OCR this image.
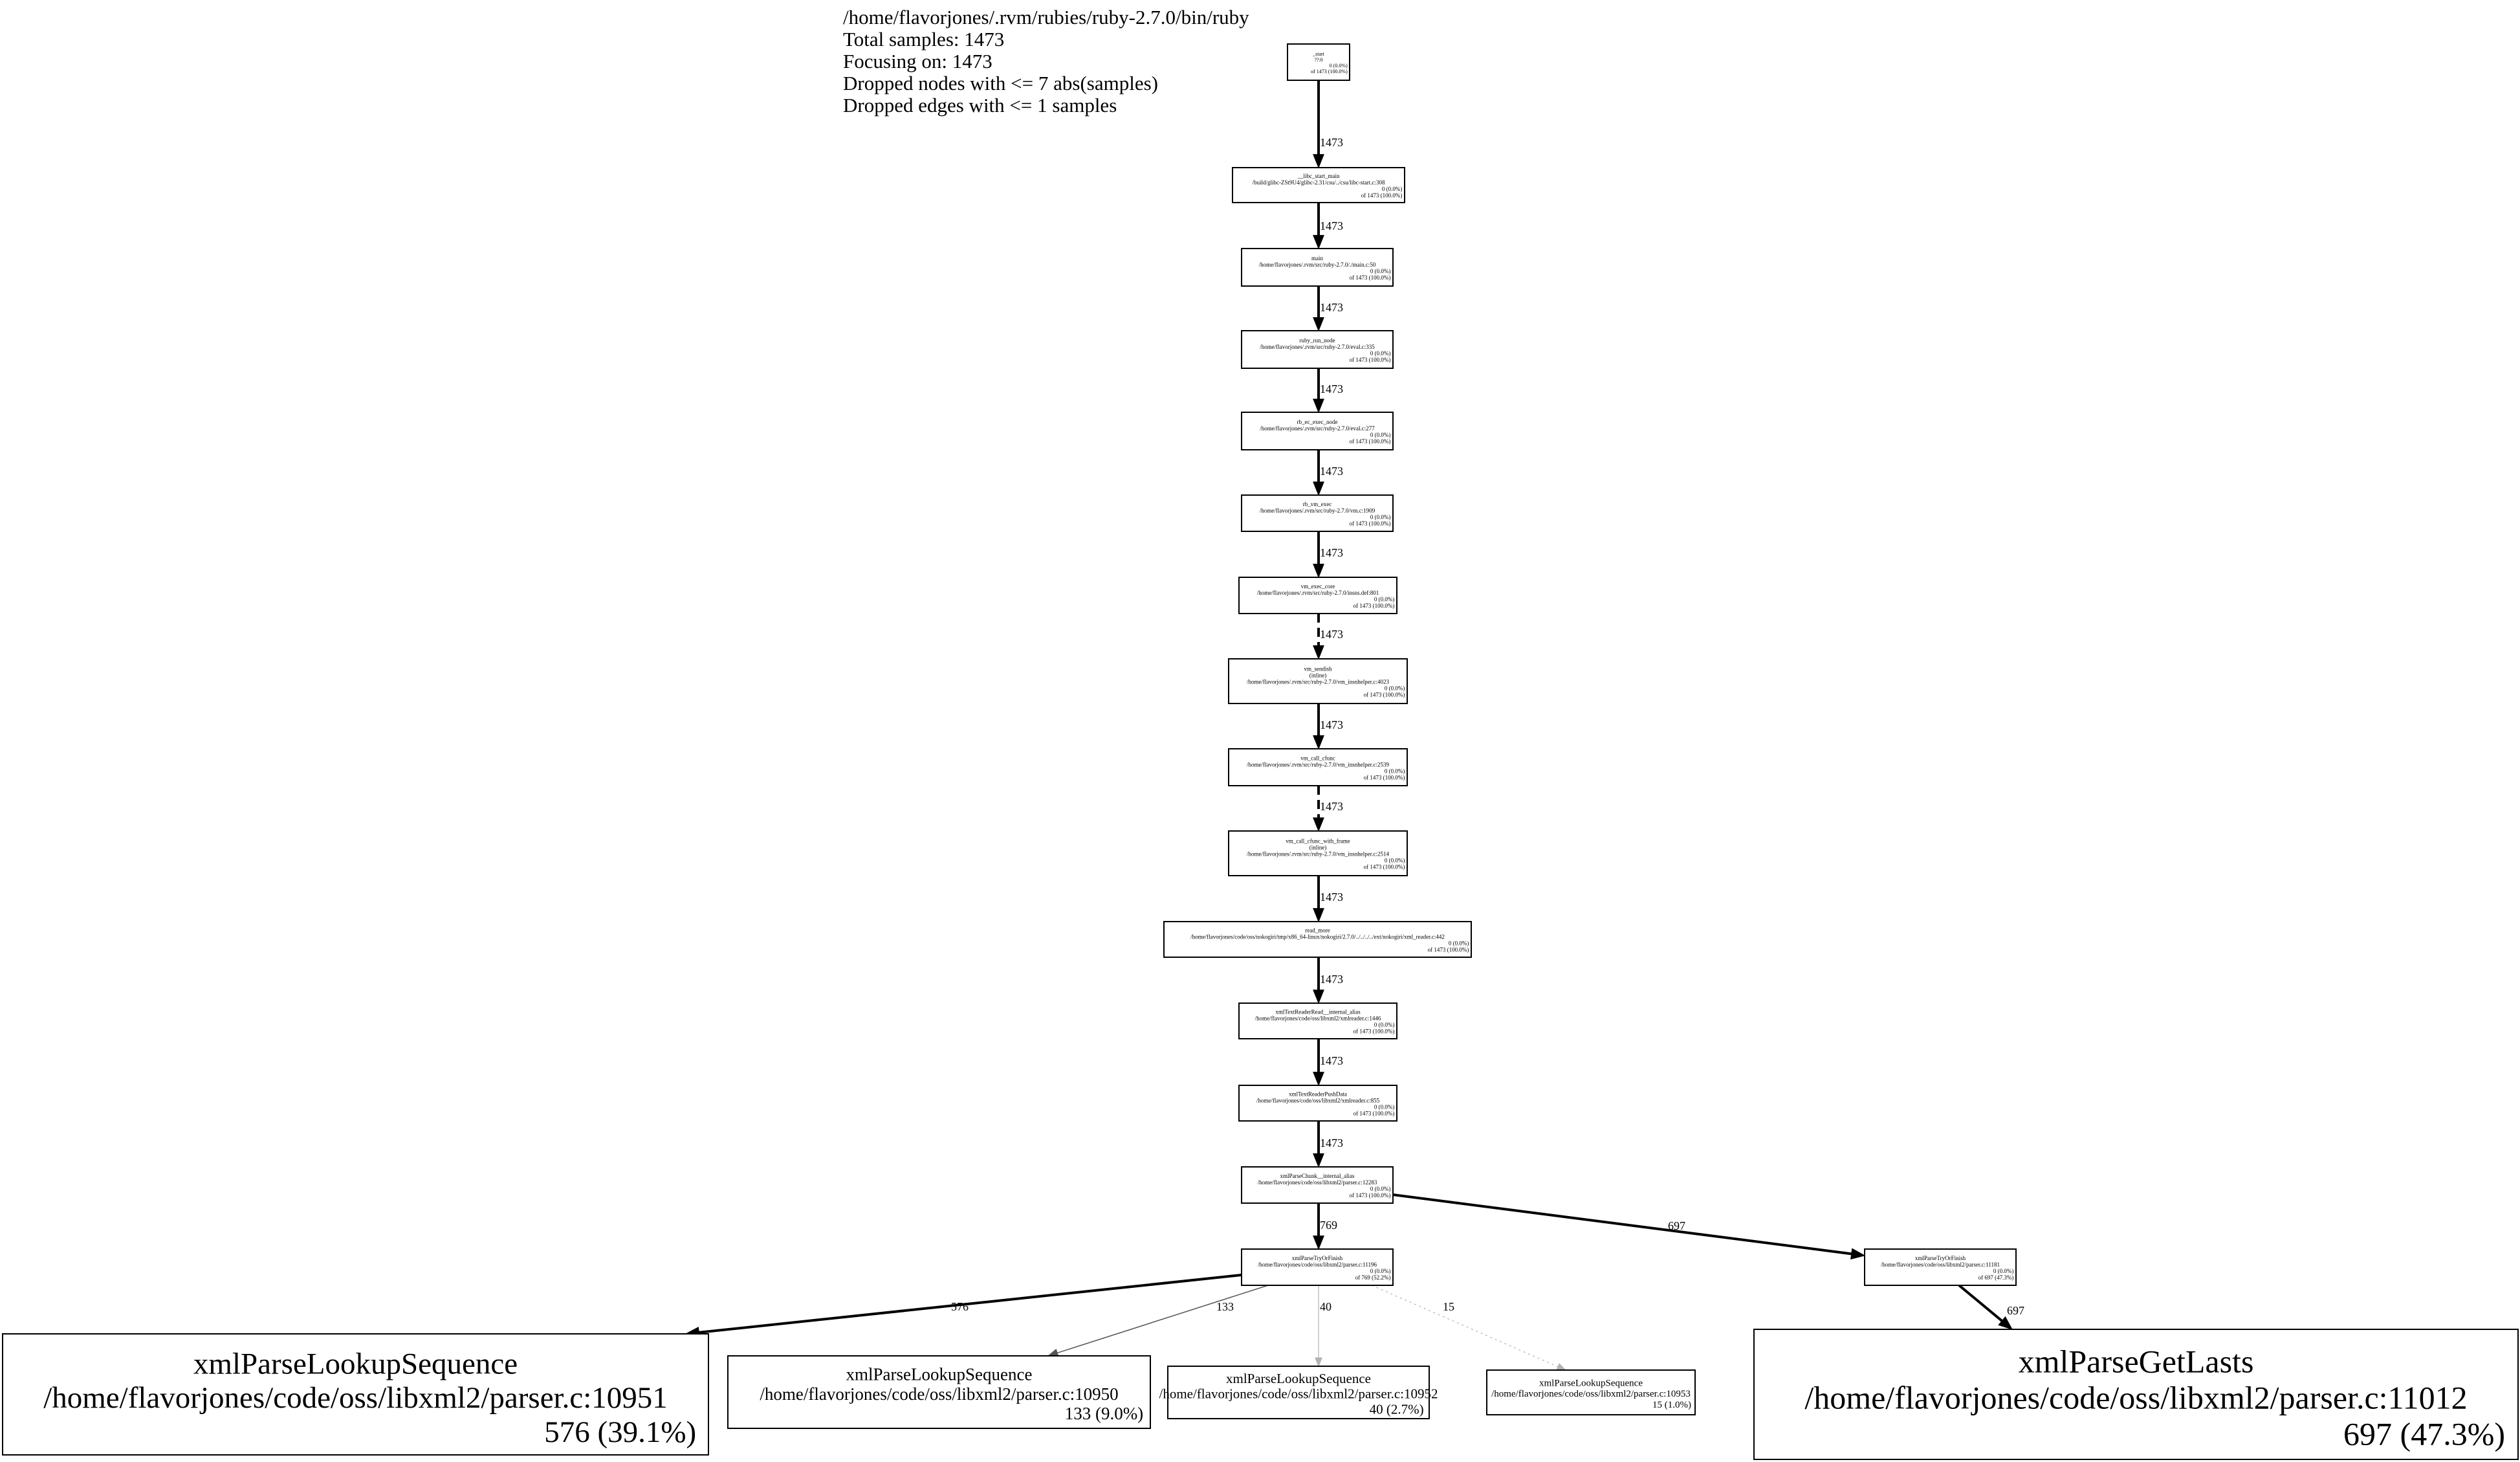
/home/flavorjones/.rvm/rubies/ruby-2.7.0/bin/ruby
Total samples: 1473
Focusing on: 1473
Dropped nodes with <= 7 abs(samples)
Dropped edges with <= 1 samples
1473
1473
1473
1473
1473
1473
1473
1473
1473
1473
1473
1473
1473
769	697
576	133	40	15	697
_start
??:0
0 (0.0%)
of 1473 (100.0%)
__libc_start_main
/build/glibc-ZSt9U4/glibc-2.31/csu/../csu/libc-start.c:308
0 (0.0%)
of 1473 (100.0%)
main
/home/flavorjones/.rvm/src/ruby-2.7.0/./main.c:50
0 (0.0%)
of 1473 (100.0%)
ruby_run_node
/home/flavorjones/.rvm/src/ruby-2.7.0/eval.c:335
0 (0.0%)
of 1473 (100.0%)
rb_ec_exec_node
/home/flavorjones/.rvm/src/ruby-2.7.0/eval.c:277
0 (0.0%)
of 1473 (100.0%)
rb_vm_exec
/home/flavorjones/.rvm/src/ruby-2.7.0/vm.c:1909
0 (0.0%)
of 1473 (100.0%)
vm_exec_core
/home/flavorjones/.rvm/src/ruby-2.7.0/insns.def:801
0 (0.0%)
of 1473 (100.0%)
vm_sendish
(inline)
/home/flavorjones/.rvm/src/ruby-2.7.0/vm_insnhelper.c:4023
0 (0.0%)
of 1473 (100.0%)
vm_call_cfunc
/home/flavorjones/.rvm/src/ruby-2.7.0/vm_insnhelper.c:2539
0 (0.0%)
of 1473 (100.0%)
vm_call_cfunc_with_frame
(inline)
/home/flavorjones/.rvm/src/ruby-2.7.0/vm_insnhelper.c:2514
0 (0.0%)
of 1473 (100.0%)
read_more
/home/flavorjones/code/oss/nokogiri/tmp/x86_64-linux/nokogiri/2.7.0/../../../../ext/nokogiri/xml_reader.c:442
0 (0.0%)
of 1473 (100.0%)
xmlTextReaderRead__internal_alias
/home/flavorjones/code/oss/libxml2/xmlreader.c:1446
0 (0.0%)
of 1473 (100.0%)
xmlTextReaderPushData
/home/flavorjones/code/oss/libxml2/xmlreader.c:855
0 (0.0%)
of 1473 (100.0%)
xmlParseChunk__internal_alias
/home/flavorjones/code/oss/libxml2/parser.c:12283
0 (0.0%)
of 1473 (100.0%)
xmlParseTryOrFinish
/home/flavorjones/code/oss/libxml2/parser.c:11196
0 (0.0%)
of 769 (52.2%)
xmlParseTryOrFinish
/home/flavorjones/code/oss/libxml2/parser.c:11181
0 (0.0%)
of 697 (47.3%)
xmlParseLookupSequence
/home/flavorjones/code/oss/libxml2/parser.c:10951
576 (39.1%)
xmlParseLookupSequence
/home/flavorjones/code/oss/libxml2/parser.c:10950
133 (9.0%)
xmlParseLookupSequence
/home/flavorjones/code/oss/libxml2/parser.c:10952
40 (2.7%)
xmlParseLookupSequence
/home/flavorjones/code/oss/libxml2/parser.c:10953
15 (1.0%)
xmlParseGetLasts
/home/flavorjones/code/oss/libxml2/parser.c:11012
697 (47.3%)
